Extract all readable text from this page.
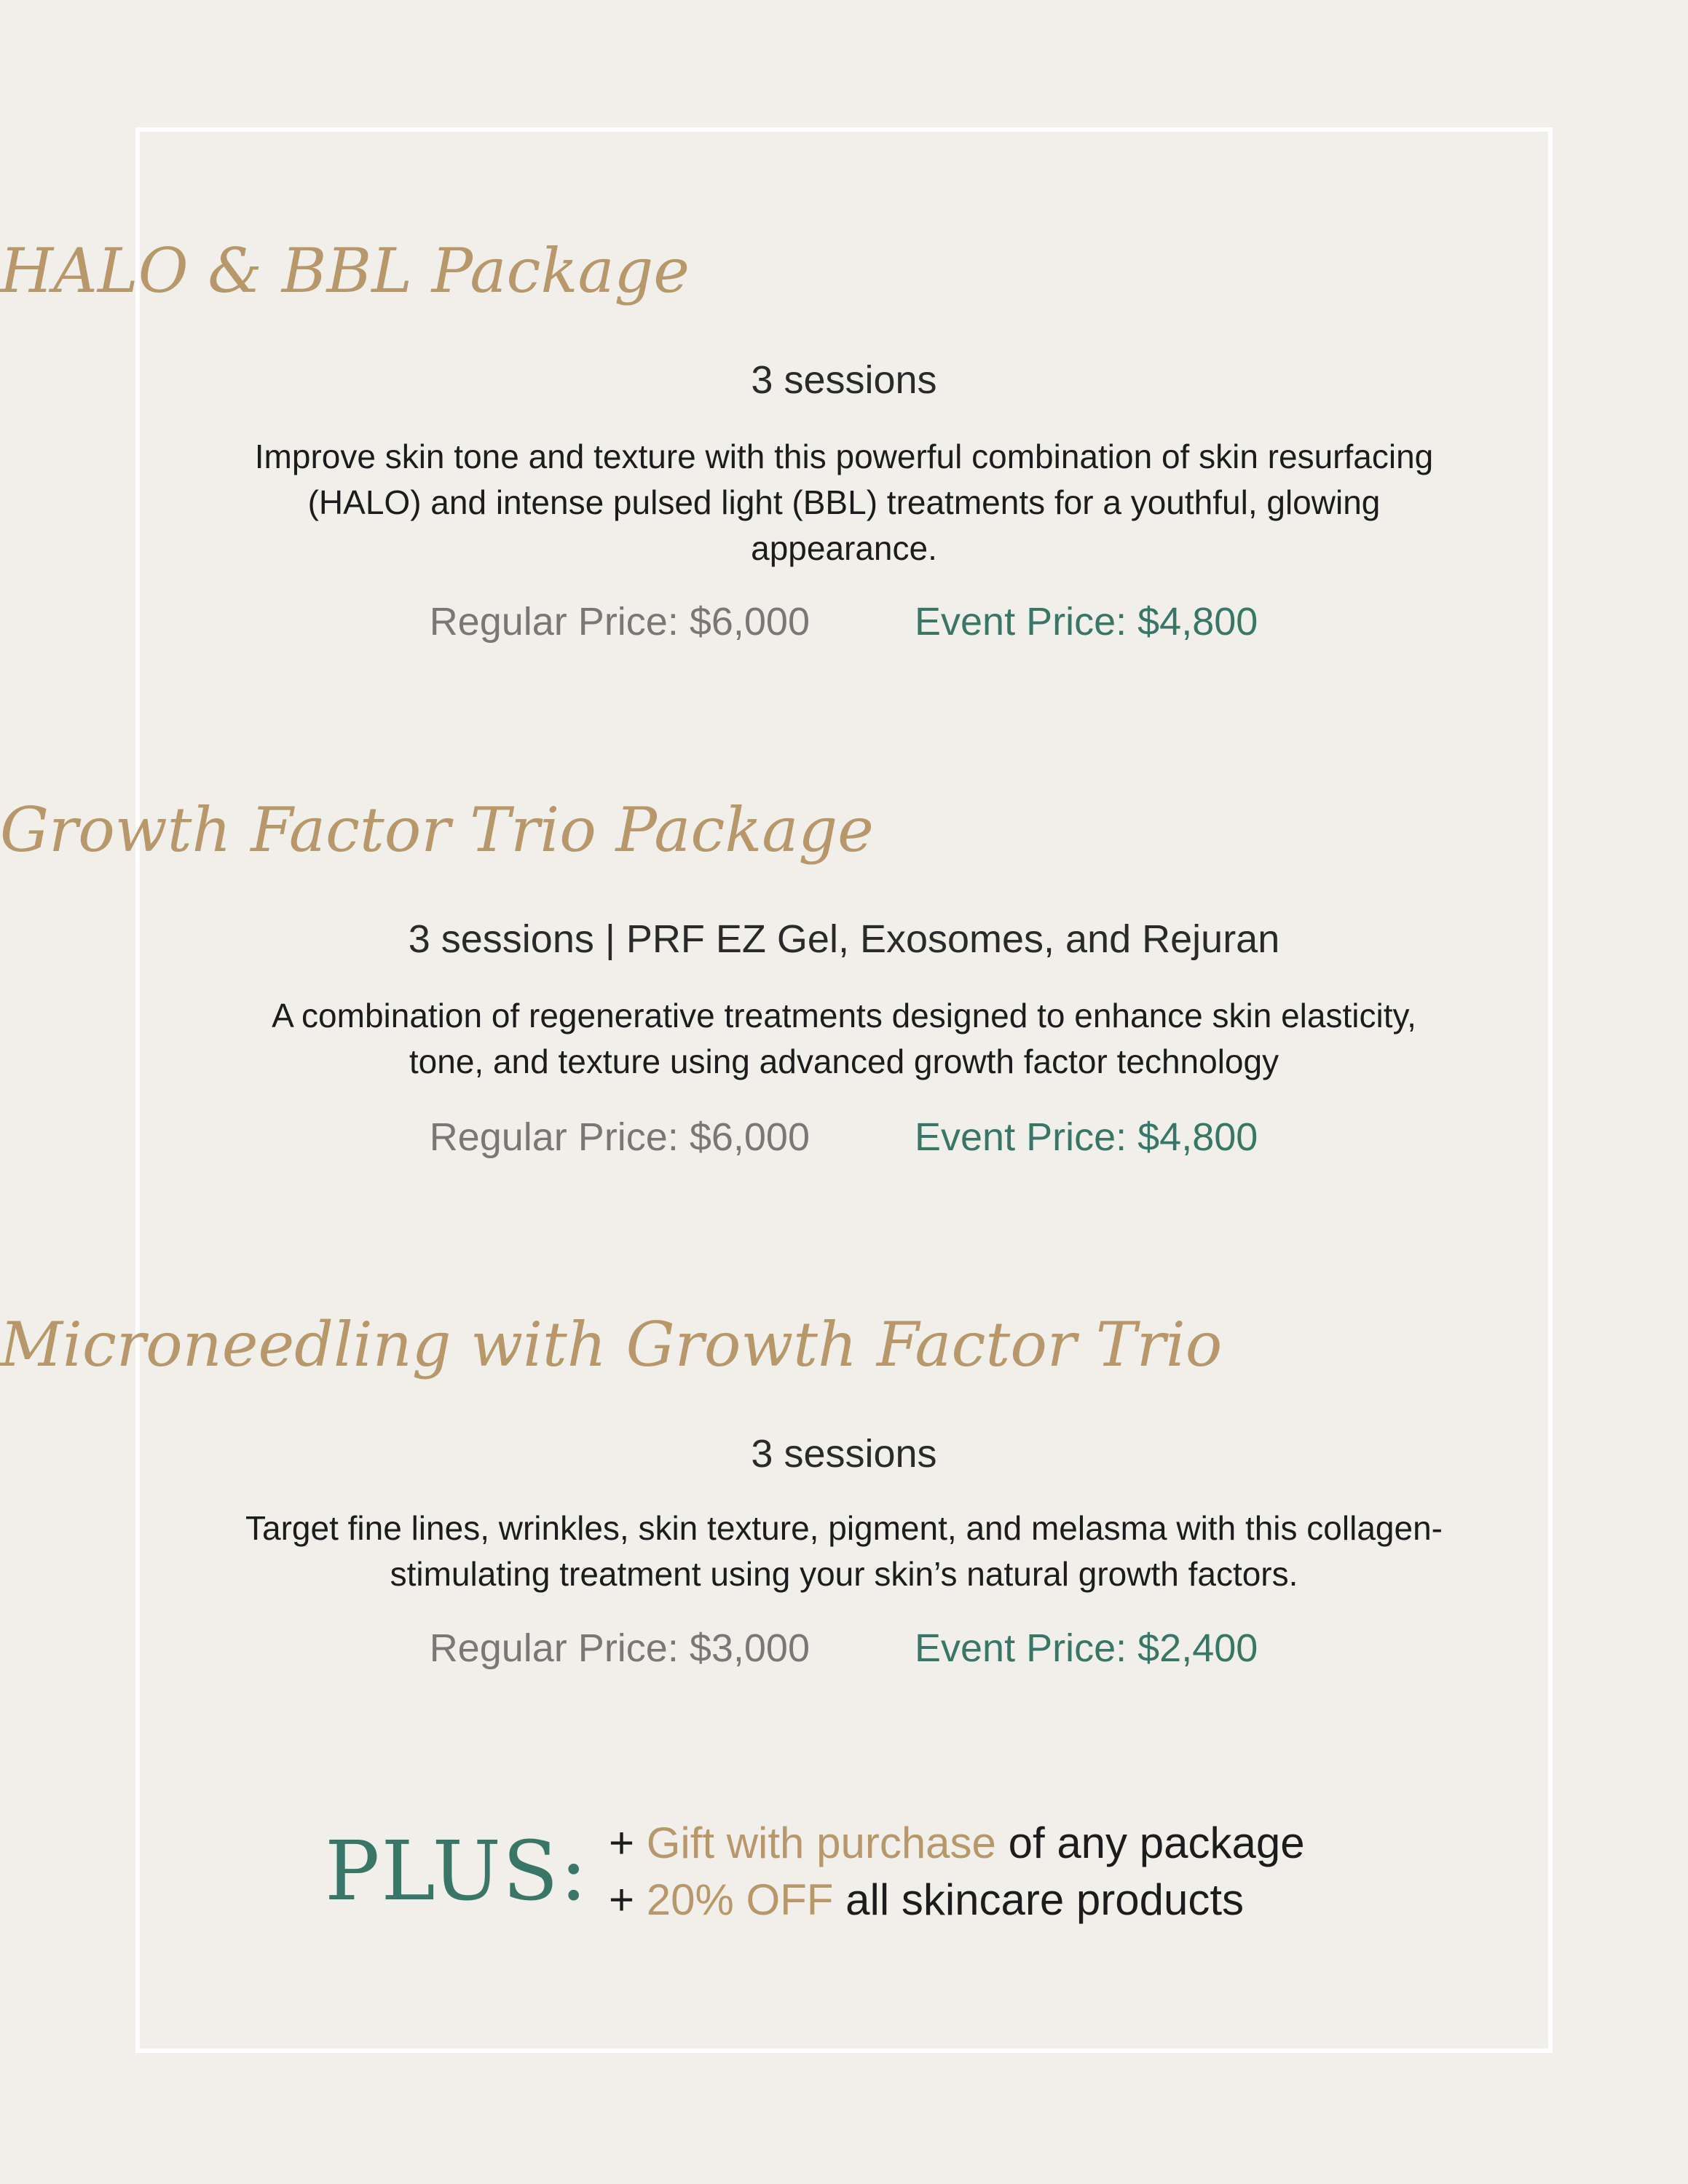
HALO & BBL Package
3 sessions
Improve skin tone and texture with this powerful combination of skin resurfacing (HALO) and intense pulsed light (BBL) treatments for a youthful, glowing appearance.
Regular Price: $6,000	Event Price: $4,800
Growth Factor Trio Package
3 sessions | PRF EZ Gel, Exosomes, and Rejuran
A combination of regenerative treatments designed to enhance skin elasticity, tone, and texture using advanced growth factor technology
Regular Price: $6,000	Event Price: $4,800
Microneedling with Growth Factor Trio
3 sessions
Target fine lines, wrinkles, skin texture, pigment, and melasma with this collagen-stimulating treatment using your skin’s natural growth factors.
Regular Price: $3,000	Event Price: $2,400
PLUS: + Gift with purchase of any package
+ 20% OFF all skincare products
